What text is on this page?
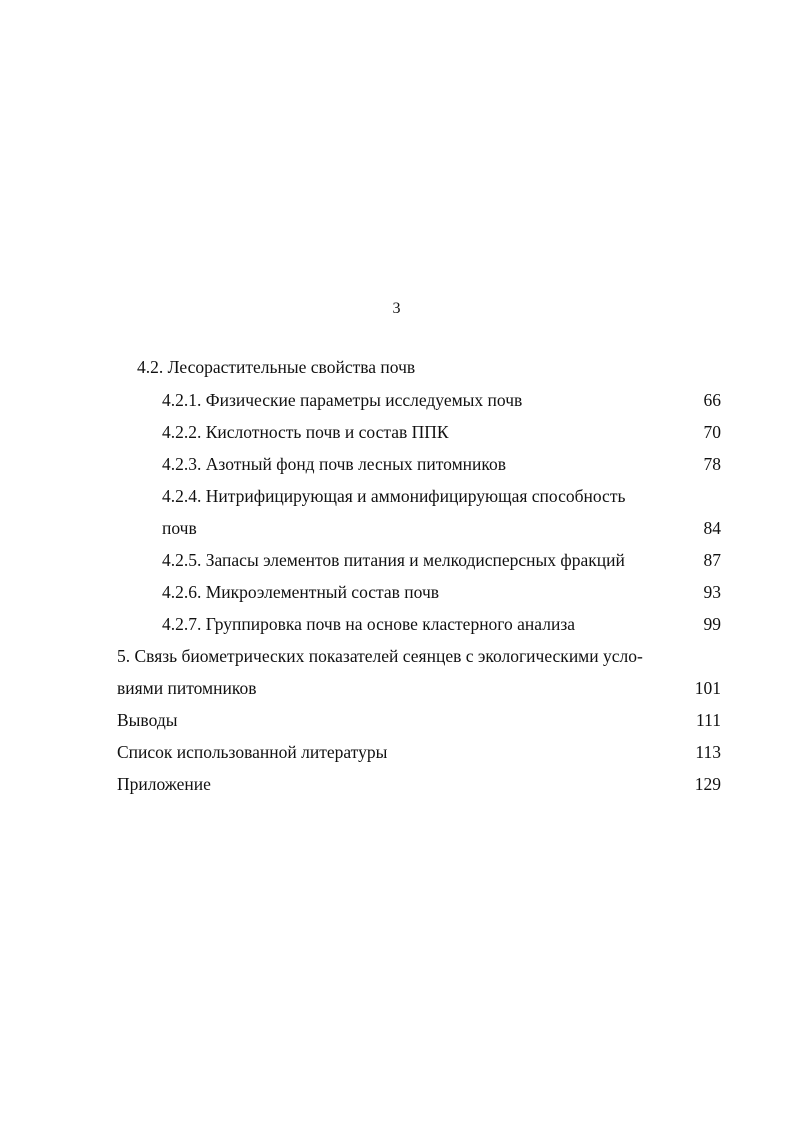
3
4.2. Лесорастительные свойства почв
4.2.1. Физические параметры исследуемых почв	66
4.2.2. Кислотность почв и состав ППК	70
4.2.3. Азотный фонд почв лесных питомников	78
4.2.4. Нитрифицирующая и аммонифицирующая способность
почв	84
4.2.5. Запасы элементов питания и мелкодисперсных фракций	87
4.2.6. Микроэлементный состав почв	93
4.2.7. Группировка почв на основе кластерного анализа	99
5. Связь биометрических показателей сеянцев с экологическими усло-
виями питомников	101
Выводы	111
Список использованной литературы	113
Приложение	129
